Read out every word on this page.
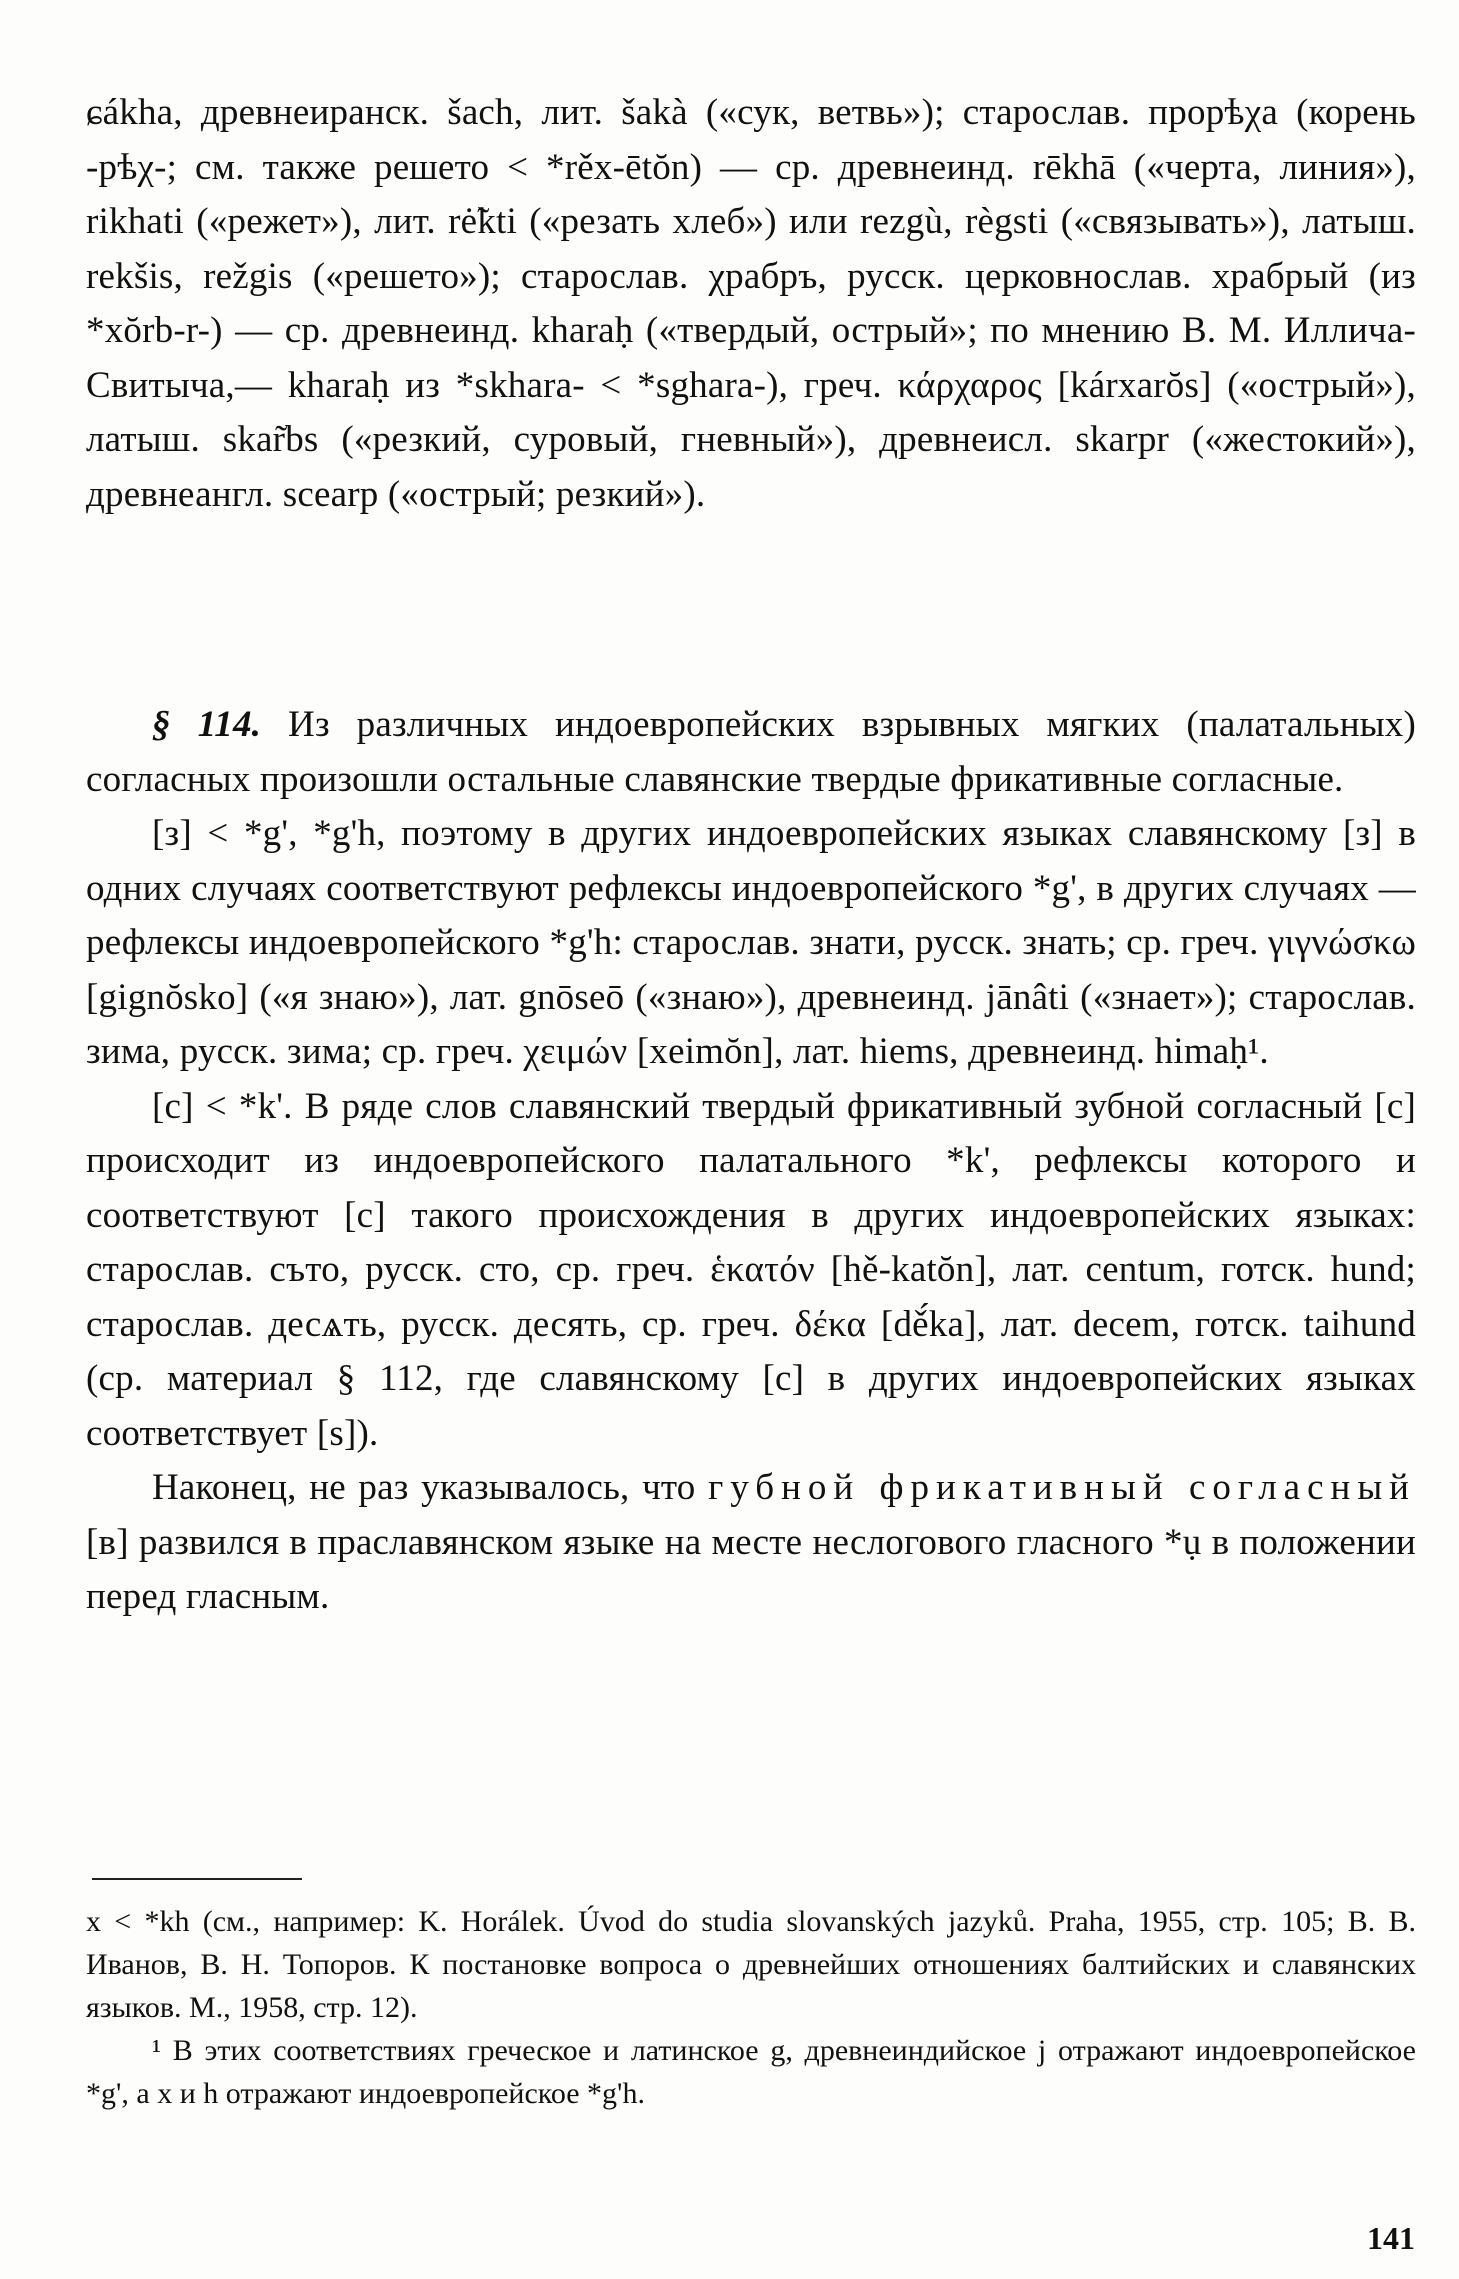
ɕákha, древнеиранск. šach, лит. šakà («сук, ветвь»); старослав. прорѣχа (корень -рѣχ-; см. также решето < *rěx-ētŏn) — ср. древнеинд. rēkhā («черта, линия»), rikhati («режет»), лит. rė̃kti («резать хлеб») или rezgù, règsti («связывать»), латыш. rekšis, režgis («решето»); старослав. χрабръ, русск. церковнослав. храбрый (из *xŏrb-r-) — ср. древнеинд. kharaḥ («твердый, острый»; по мнению В. М. Иллича-Свитыча,— kharaḥ из *skhara- < *sghara-), греч. κάρχαρος [kárxarŏs] («острый»), латыш. skar̃bs («резкий, суровый, гневный»), древнеисл. skarpr («жестокий»), древнеангл. scearp («острый; резкий»).

§ 114. Из различных индоевропейских взрывных мягких (палатальных) согласных произошли остальные славянские твердые фрикативные согласные.

[з] < *g', *g'h, поэтому в других индоевропейских языках славянскому [з] в одних случаях соответствуют рефлексы индоевропейского *g', в других случаях — рефлексы индоевропейского *g'h: старослав. знати, русск. знать; ср. греч. γιγνώσκω [gignŏsko] («я знаю»), лат. gnōseō («знаю»), древнеинд. jānâti («знает»); старослав. зима, русск. зима; ср. греч. χειμών [xeimŏn], лат. hiems, древнеинд. himaḥ¹.

[с] < *k'. В ряде слов славянский твердый фрикативный зубной согласный [с] происходит из индоевропейского палатального *k', рефлексы которого и соответствуют [с] такого происхождения в других индоевропейских языках: старослав. съто, русск. сто, ср. греч. ἑκατόν [hě-katŏn], лат. centum, готск. hund; старослав. десѧть, русск. десять, ср. греч. δέκα [dě́ka], лат. decem, готск. taihund (ср. материал § 112, где славянскому [с] в других индоевропейских языках соответствует [s]).

Наконец, не раз указывалось, что губной фрикативный согласный [в] развился в праславянском языке на месте неслогового гласного *ụ в положении перед гласным.

x < *kh (см., например: K. Horálek. Úvod do studia slovanských jazyků. Praha, 1955, стр. 105; В. В. Иванов, В. Н. Топоров. К постановке вопроса о древнейших отношениях балтийских и славянских языков. М., 1958, стр. 12).

¹ В этих соответствиях греческое и латинское g, древнеиндийское j отражают индоевропейское *g', а x и h отражают индоевропейское *g'h.

141
